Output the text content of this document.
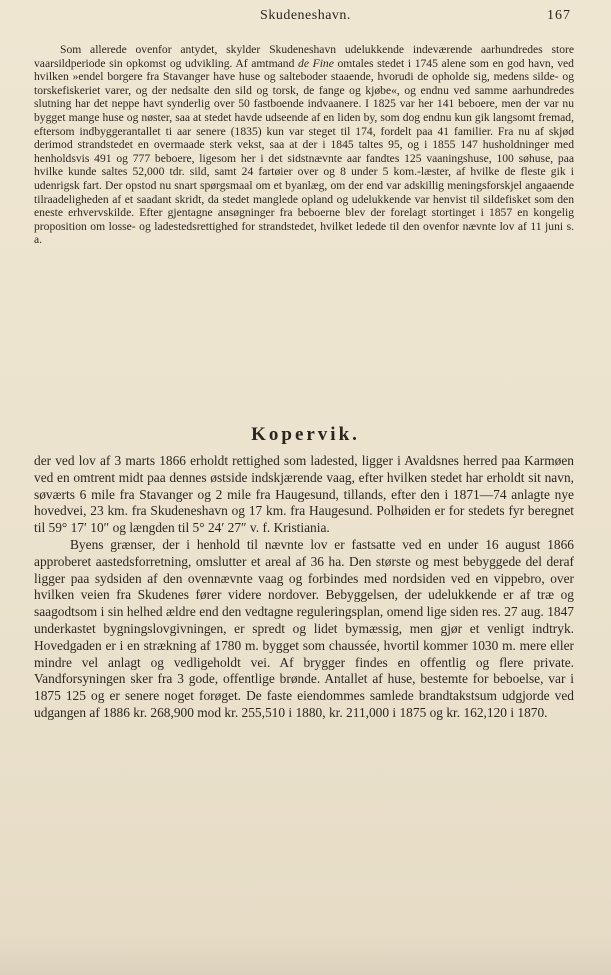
Skudeneshavn.	167

Som allerede ovenfor antydet, skylder Skudeneshavn udelukkende indeværende aarhundredes store vaarsildperiode sin opkomst og udvikling. Af amtmand de Fine omtales stedet i 1745 alene som en god havn, ved hvilken »endel borgere fra Stavanger have huse og salteboder staaende, hvorudi de opholde sig, medens silde- og torskefiskeriet varer, og der nedsalte den sild og torsk, de fange og kjøbe«, og endnu ved samme aarhundredes slutning har det neppe havt synderlig over 50 fastboende indvaanere. I 1825 var her 141 beboere, men der var nu bygget mange huse og nøster, saa at stedet havde udseende af en liden by, som dog endnu kun gik langsomt fremad, eftersom indbyggerantallet ti aar senere (1835) kun var steget til 174, fordelt paa 41 familier. Fra nu af skjød derimod strandstedet en overmaade sterk vekst, saa at der i 1845 taltes 95, og i 1855 147 husholdninger med henholdsvis 491 og 777 beboere, ligesom her i det sidstnævnte aar fandtes 125 vaaningshuse, 100 søhuse, paa hvilke kunde saltes 52,000 tdr. sild, samt 24 fartøier over og 8 under 5 kom.-læster, af hvilke de fleste gik i udenrigsk fart. Der opstod nu snart spørgsmaal om et byanlæg, om der end var adskillig meningsforskjel angaaende tilraadeligheden af et saadant skridt, da stedet manglede opland og udelukkende var henvist til sildefisket som den eneste erhvervskilde. Efter gjentagne ansøgninger fra beboerne blev der forelagt stortinget i 1857 en kongelig proposition om losse- og ladestedsrettighed for strandstedet, hvilket ledede til den ovenfor nævnte lov af 11 juni s. a.

Kopervik.

der ved lov af 3 marts 1866 erholdt rettighed som ladested, ligger i Avaldsnes herred paa Karmøen ved en omtrent midt paa dennes østside indskjærende vaag, efter hvilken stedet har erholdt sit navn, søværts 6 mile fra Stavanger og 2 mile fra Haugesund, tillands, efter den i 1871—74 anlagte nye hovedvei, 23 km. fra Skudeneshavn og 17 km. fra Haugesund. Polhøiden er for stedets fyr beregnet til 59° 17′ 10″ og længden til 5° 24′ 27″ v. f. Kristiania.

Byens grænser, der i henhold til nævnte lov er fastsatte ved en under 16 august 1866 approberet aastedsforretning, omslutter et areal af 36 ha. Den største og mest bebyggede del deraf ligger paa sydsiden af den ovennævnte vaag og forbindes med nordsiden ved en vippebro, over hvilken veien fra Skudenes fører videre nordover. Bebyggelsen, der udelukkende er af træ og saagodtsom i sin helhed ældre end den vedtagne reguleringsplan, omend lige siden res. 27 aug. 1847 underkastet bygningslovgivningen, er spredt og lidet bymæssig, men gjør et venligt indtryk. Hovedgaden er i en strækning af 1780 m. bygget som chaussée, hvortil kommer 1030 m. mere eller mindre vel anlagt og vedligeholdt vei. Af brygger findes en offentlig og flere private. Vandforsyningen sker fra 3 gode, offentlige brønde. Antallet af huse, bestemte for beboelse, var i 1875 125 og er senere noget forøget. De faste eiendommes samlede brandtakstsum udgjorde ved udgangen af 1886 kr. 268,900 mod kr. 255,510 i 1880, kr. 211,000 i 1875 og kr. 162,120 i 1870.
